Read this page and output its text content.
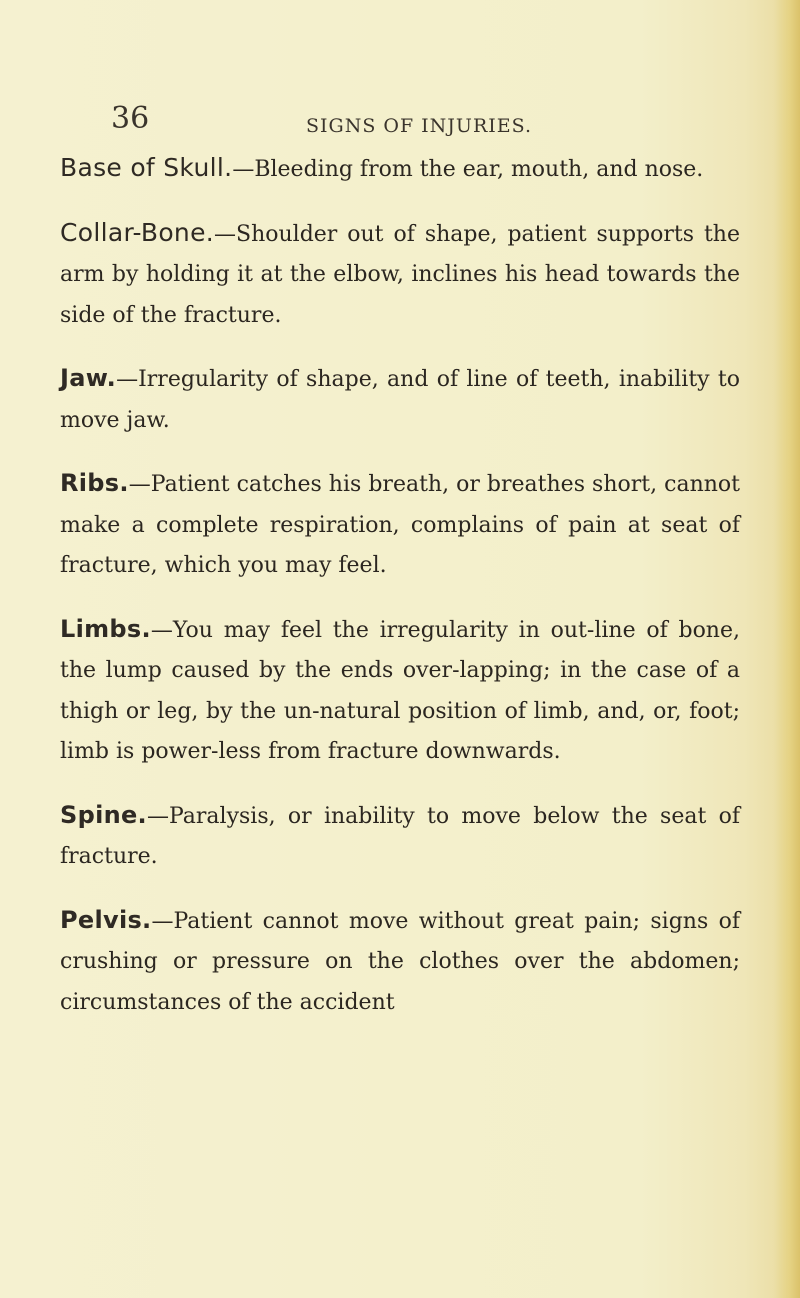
36	SIGNS OF INJURIES.

Base of Skull.—Bleeding from the ear, mouth, and nose.

Collar-Bone.—Shoulder out of shape, patient supports the arm by holding it at the elbow, inclines his head towards the side of the fracture.

Jaw.—Irregularity of shape, and of line of teeth, inability to move jaw.

Ribs.—Patient catches his breath, or breathes short, cannot make a complete respiration, complains of pain at seat of fracture, which you may feel.

Limbs.—You may feel the irregularity in out-line of bone, the lump caused by the ends over-lapping; in the case of a thigh or leg, by the un-natural position of limb, and, or, foot; limb is power-less from fracture downwards.

Spine.—Paralysis, or inability to move below the seat of fracture.

Pelvis.—Patient cannot move without great pain; signs of crushing or pressure on the clothes over the abdomen; circumstances of the accident
